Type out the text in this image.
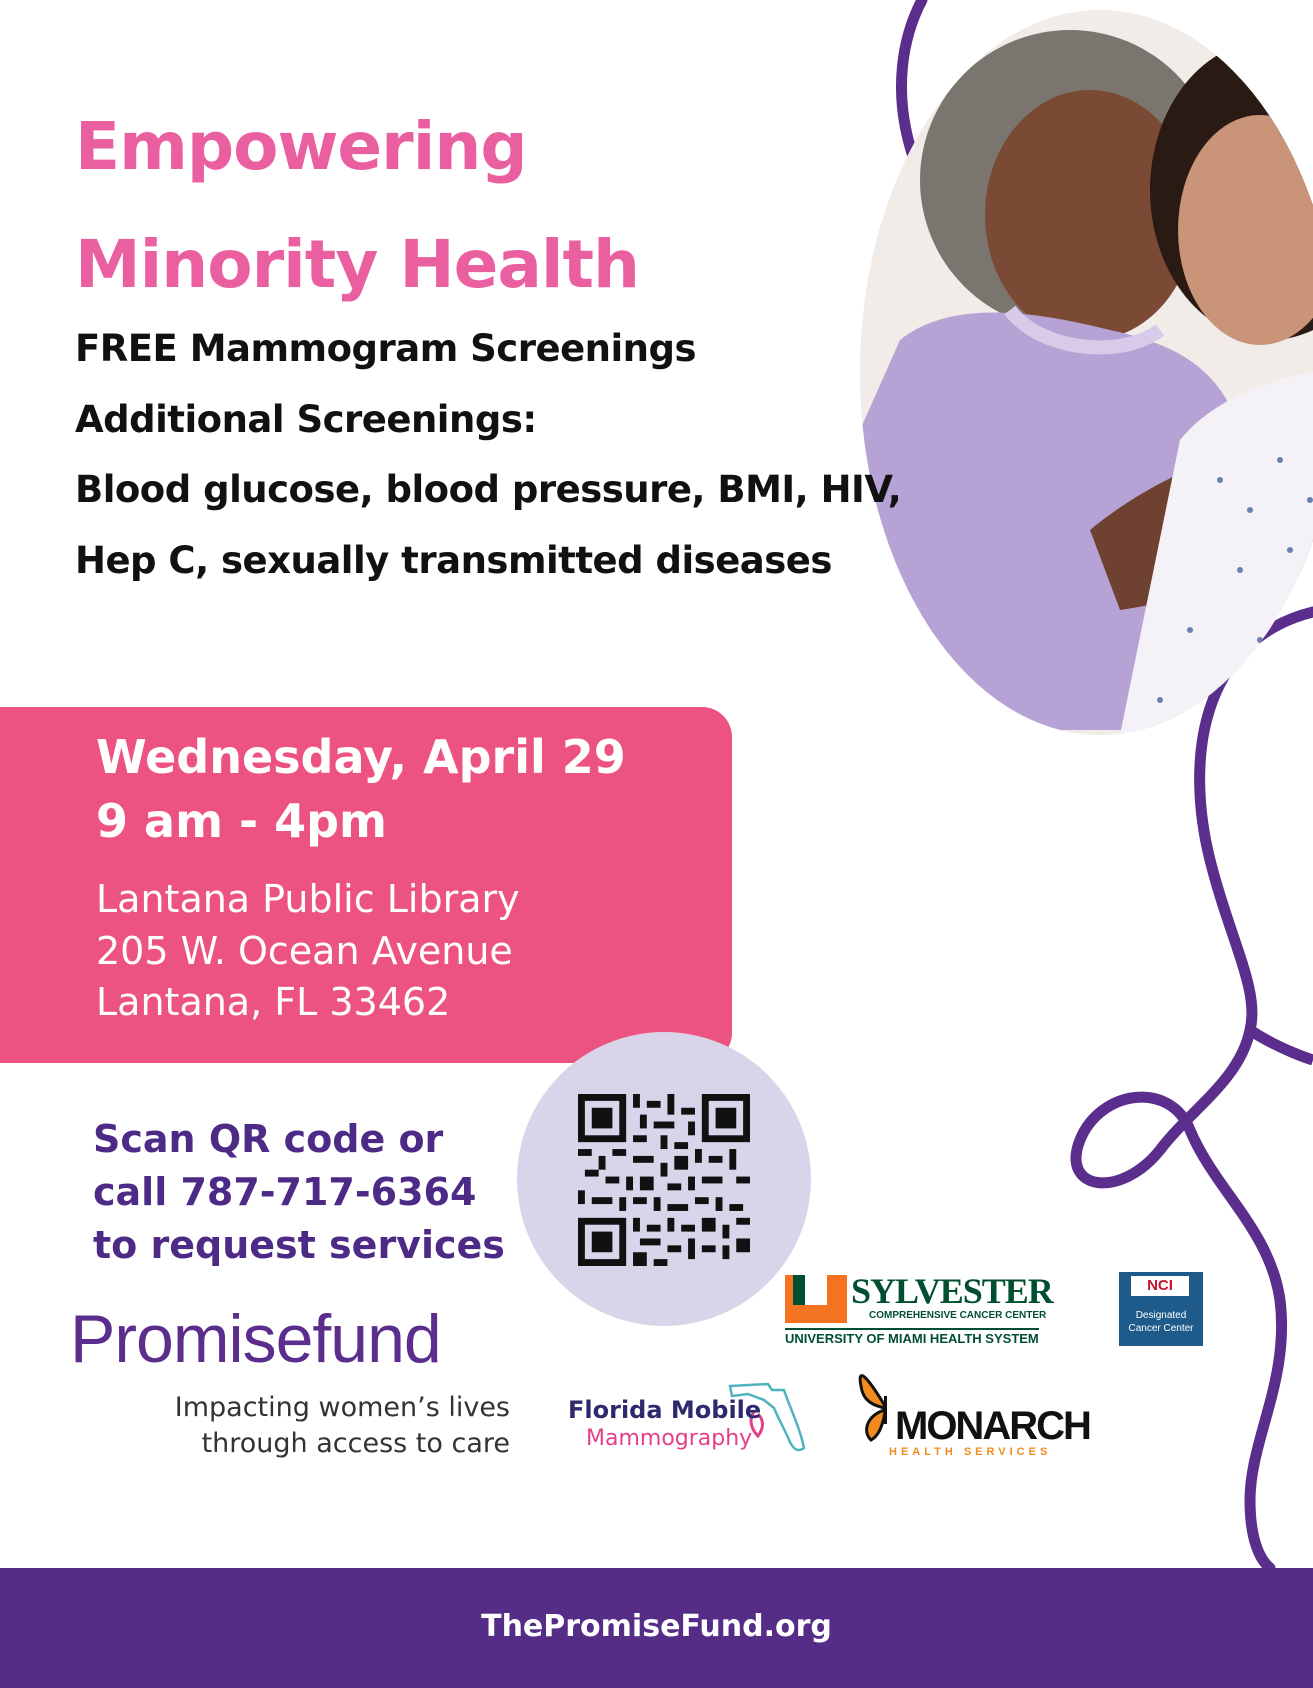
Empowering
Minority Health
FREE Mammogram Screenings
Additional Screenings:
Blood glucose, blood pressure, BMI, HIV,
Hep C, sexually transmitted diseases
Wednesday, April 29
9 am - 4pm
Lantana Public Library
205 W. Ocean Avenue
Lantana, FL 33462
Scan QR code or
call 787-717-6364
to request services
Promisefund
Impacting women’s lives
through access to care
SYLVESTER
COMPREHENSIVE CANCER CENTER
UNIVERSITY OF MIAMI HEALTH SYSTEM
NCI
Designated
Cancer Center
Florida Mobile
Mammography	MONARCH
HEALTH SERVICES
ThePromiseFund.org
